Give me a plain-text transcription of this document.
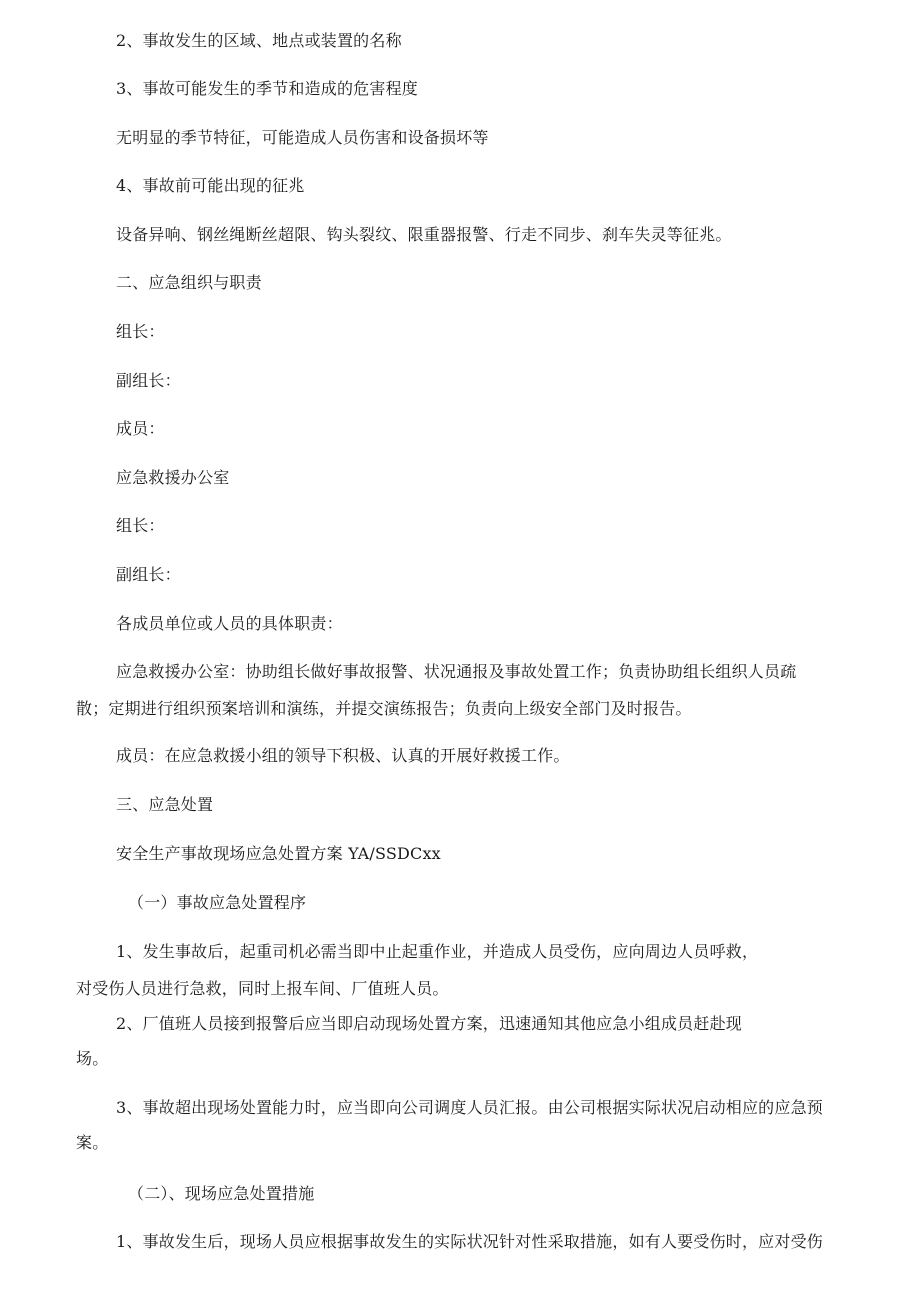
2、事故发生的区域、地点或装置的名称
3、事故可能发生的季节和造成的危害程度
无明显的季节特征，可能造成人员伤害和设备损坏等
4、事故前可能出现的征兆
设备异响、钢丝绳断丝超限、钩头裂纹、限重器报警、行走不同步、刹车失灵等征兆。
二、应急组织与职责
组长：
副组长：
成员：
应急救援办公室
组长：
副组长：
各成员单位或人员的具体职责：
应急救援办公室：协助组长做好事故报警、状况通报及事故处置工作；负责协助组长组织人员疏
散；定期进行组织预案培训和演练，并提交演练报告；负责向上级安全部门及时报告。
成员：在应急救援小组的领导下积极、认真的开展好救援工作。
三、应急处置
安全生产事故现场应急处置方案 YA/SSDCxx
（一）事故应急处置程序
1、发生事故后，起重司机必需当即中止起重作业，并造成人员受伤，应向周边人员呼救，
对受伤人员进行急救，同时上报车间、厂值班人员。
2、厂值班人员接到报警后应当即启动现场处置方案，迅速通知其他应急小组成员赶赴现
场。
3、事故超出现场处置能力时，应当即向公司调度人员汇报。由公司根据实际状况启动相应的应急预
案。
（二）、现场应急处置措施
1、事故发生后，现场人员应根据事故发生的实际状况针对性采取措施，如有人要受伤时，应对受伤
